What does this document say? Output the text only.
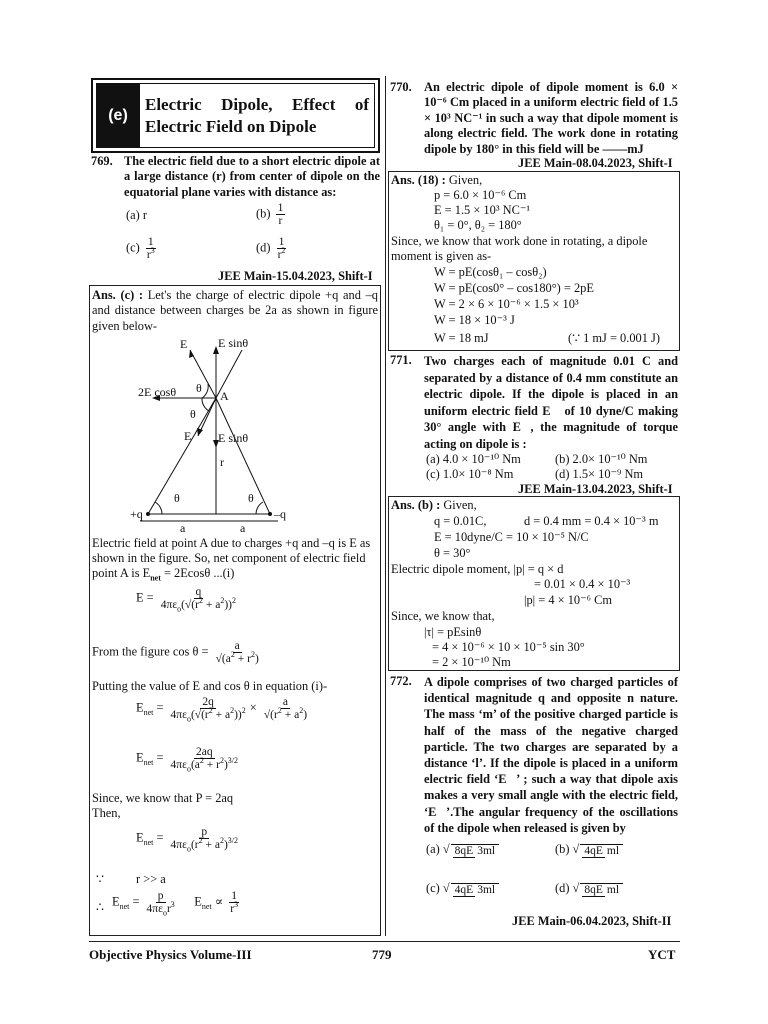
(e)
Electric Dipole, Effect of Electric Field on Dipole
769. The electric field due to a short electric dipole at a large distance (r) from center of dipole on the equatorial plane varies with distance as:
(a) r	$(b) \frac{1}{r}$
$(c) \frac{1}{r^3}$	$(d) \frac{1}{r^2}$
JEE Main-15.04.2023, Shift-I
Ans. (c) : Let's the charge of electric dipole +q and –q and distance between charges be 2a as shown in figure given below-
E	E sinθ
2E cosθ	A
θ
θ
E E sinθ
r
θ	θ
+q	–q
a	a
Electric field at point A due to charges +q and –q is E as
shown in the figure. So, net component of electric field
point A is $E_{net} = 2Ecos\theta$ ...(i)
$E = \frac{q}{4\pi\varepsilon_o(√(r^2 + a^2))^2}$
From the figure $\cos \theta = \frac{a}{√(a^2 + r^2)}$
Putting the value of E and cos θ in equation (i)-
$E_{net} = \frac{2q}{4\pi\varepsilon_o(√(r^2 + a^2))^2} \times \frac{a}{√(r^2 + a^2)}$
$E_{net} = \frac{2aq}{4\pi\varepsilon_o(a^2 + r^2)^{3/2}}$
Since, we know that P = 2aq
Then,
$E_{net} = \frac{p}{4\pi\varepsilon_o(r^2 + a^2)^{3/2}}$
∵	r >> a
∴ $E_{net} = \frac{p}{4\pi\varepsilon_or^3} E_{net} \propto \frac{1}{r^3}$
770. An electric dipole of dipole moment is 6.0 × 10⁻⁶ Cm placed in a uniform electric field of 1.5 × 10³ NC⁻¹ in such a way that dipole moment is along electric field. The work done in rotating dipole by 180° in this field will be ——mJ
JEE Main-08.04.2023, Shift-I
Ans. (18) : Given,
p = 6.0 × 10⁻⁶ Cm
E = 1.5 × 10³ NC⁻¹
θ₁ = 0°, θ₂ = 180°
Since, we know that work done in rotating, a dipole
moment is given as-
W = pE(cosθ₁ – cosθ₂)
W = pE(cos0° – cos180°) = 2pE
W = 2 × 6 × 10⁻⁶ × 1.5 × 10³
W = 18 × 10⁻³ J
W = 18 mJ	(∵ 1 mJ = 0.001 J)
771. Two charges each of magnitude 0.01 C and separated by a distance of 0.4 mm constitute an electric dipole. If the dipole is placed in an uniform electric field E⃗ of 10 dyne/C making 30° angle with E⃗, the magnitude of torque acting on dipole is :
(a) 4.0 × 10⁻¹⁰ Nm	(b) 2.0× 10⁻¹⁰ Nm
(c) 1.0× 10⁻⁸ Nm	(d) 1.5× 10⁻⁹ Nm
JEE Main-13.04.2023, Shift-I
Ans. (b) : Given,
q = 0.01C,	d = 0.4 mm = 0.4 × 10⁻³ m
E = 10dyne/C = 10 × 10⁻⁵ N/C
θ = 30°
Electric dipole moment, |p| = q × d
= 0.01 × 0.4 × 10⁻³
|p| = 4 × 10⁻⁶ Cm
Since, we know that,
|τ| = pEsinθ
= 4 × 10⁻⁶ × 10 × 10⁻⁵ sin 30°
= 2 × 10⁻¹⁰ Nm
772. A dipole comprises of two charged particles of identical magnitude q and opposite n nature. The mass ‘m’ of the positive charged particle is half of the mass of the negative charged particle. The two charges are separated by a distance ‘l’. If the dipole is placed in a uniform electric field ‘E⃗’ ; such a way that dipole axis makes a very small angle with the electric field, ‘E⃗’.The angular frequency of the oscillations of the dipole when released is given by
(a) √ 8qE 3ml	(b) √ 4qE ml
(c) √ 4qE 3ml	(d) √ 8qE ml
JEE Main-06.04.2023, Shift-II
Objective Physics Volume-III	779	YCT
